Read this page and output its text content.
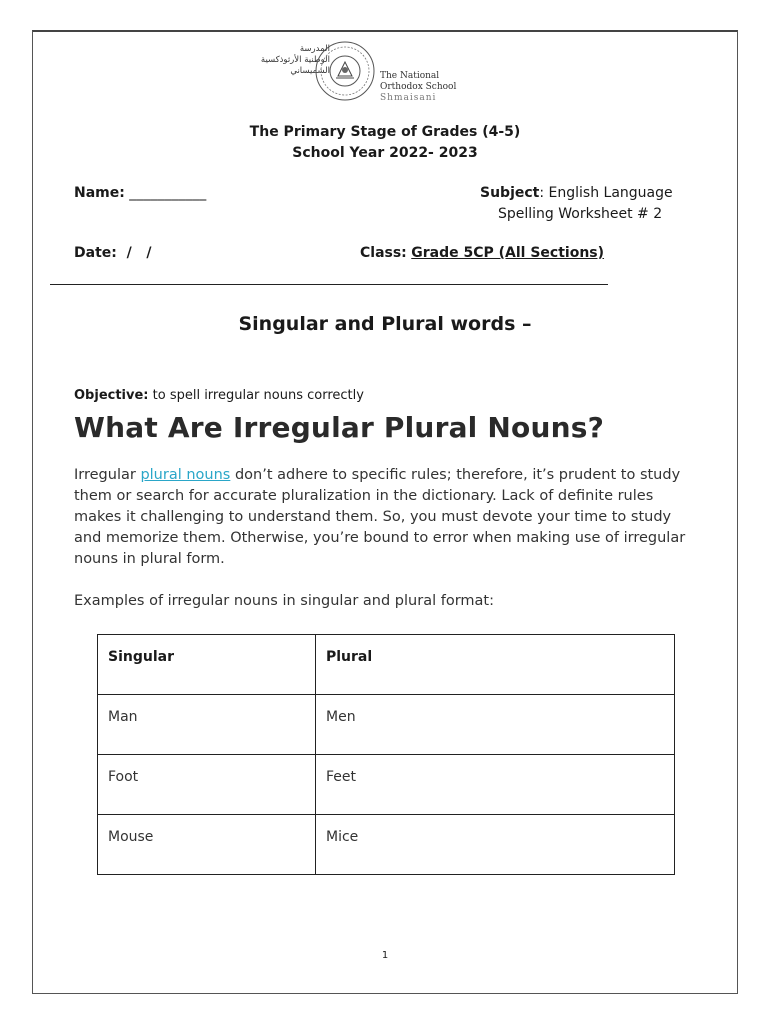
المدرسة
الوطنية الأرثوذكسية
الشميساني	The National
Orthodox School
Shmaisani
The Primary Stage of Grades (4-5)
School Year 2022- 2023
Name: ___________	Subject: English Language
Spelling Worksheet # 2
Date:  /   /	Class: Grade 5CP (All Sections)
Singular and Plural words –
Objective: to spell irregular nouns correctly
What Are Irregular Plural Nouns?
Irregular plural nouns don’t adhere to specific rules; therefore, it’s prudent to study them or search for accurate pluralization in the dictionary. Lack of definite rules makes it challenging to understand them. So, you must devote your time to study and memorize them. Otherwise, you’re bound to error when making use of irregular nouns in plural form.
Examples of irregular nouns in singular and plural format:
Singular	Plural
Man	Men
Foot	Feet
Mouse	Mice
1
